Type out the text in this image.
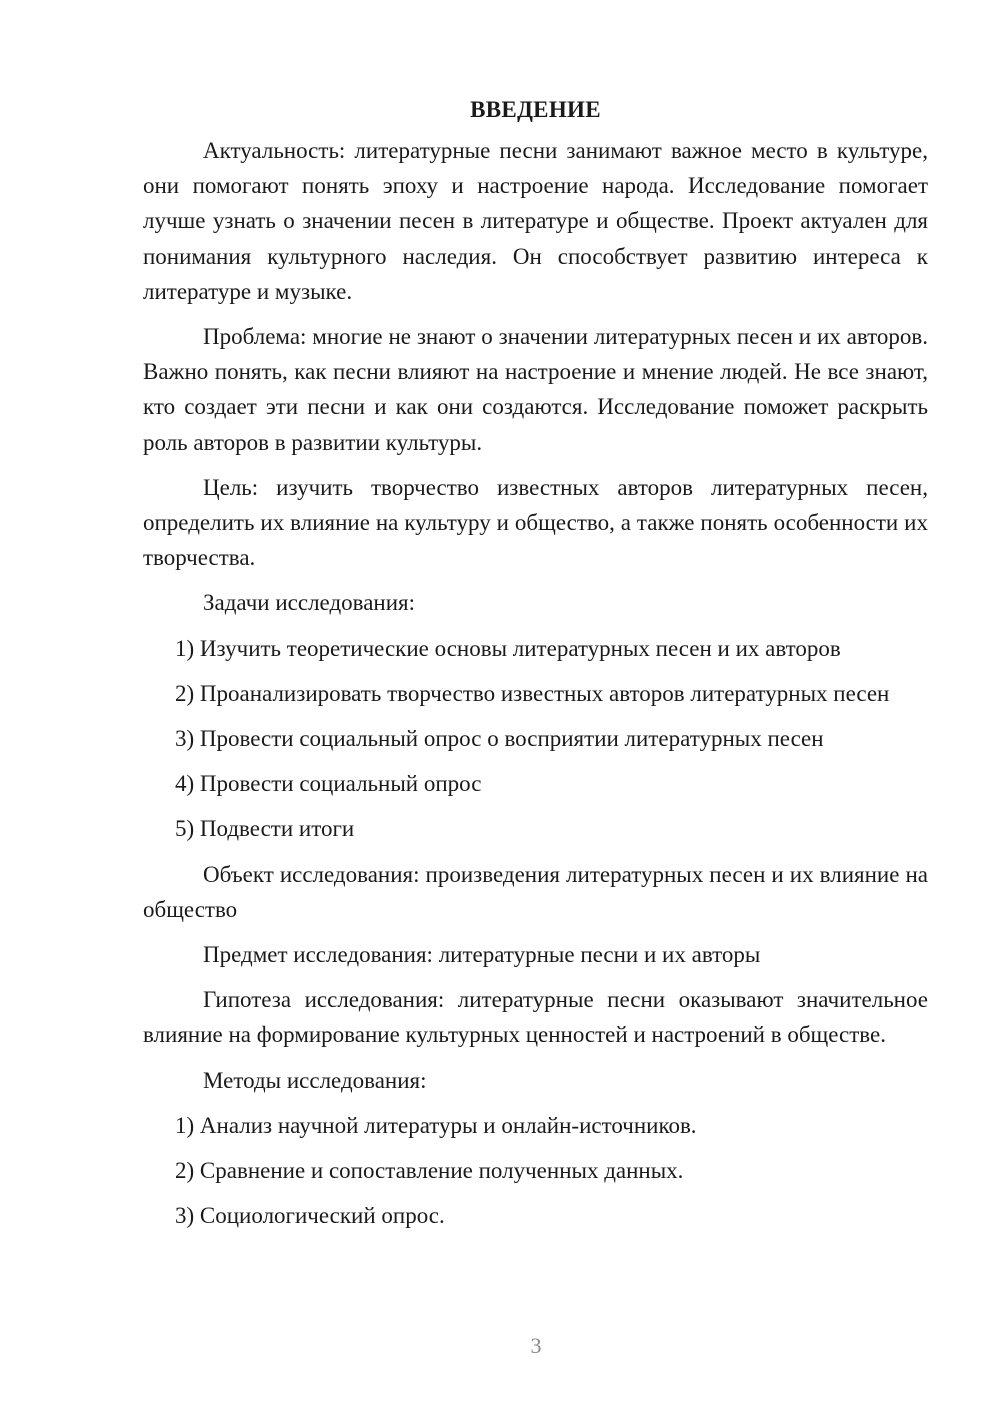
ВВЕДЕНИЕ

Актуальность: литературные песни занимают важное место в культуре, они помогают понять эпоху и настроение народа. Исследование помогает лучше узнать о значении песен в литературе и обществе. Проект актуален для понимания культурного наследия. Он способствует развитию интереса к литературе и музыке.

Проблема: многие не знают о значении литературных песен и их авторов. Важно понять, как песни влияют на настроение и мнение людей. Не все знают, кто создает эти песни и как они создаются. Исследование поможет раскрыть роль авторов в развитии культуры.

Цель: изучить творчество известных авторов литературных песен, определить их влияние на культуру и общество, а также понять особенности их творчества.

Задачи исследования:

1) Изучить теоретические основы литературных песен и их авторов

2) Проанализировать творчество известных авторов литературных песен

3) Провести социальный опрос о восприятии литературных песен

4) Провести социальный опрос

5) Подвести итоги

Объект исследования: произведения литературных песен и их влияние на общество

Предмет исследования: литературные песни и их авторы

Гипотеза исследования: литературные песни оказывают значительное влияние на формирование культурных ценностей и настроений в обществе.

Методы исследования:

1) Анализ научной литературы и онлайн-источников.

2) Сравнение и сопоставление полученных данных.

3) Социологический опрос.

3
